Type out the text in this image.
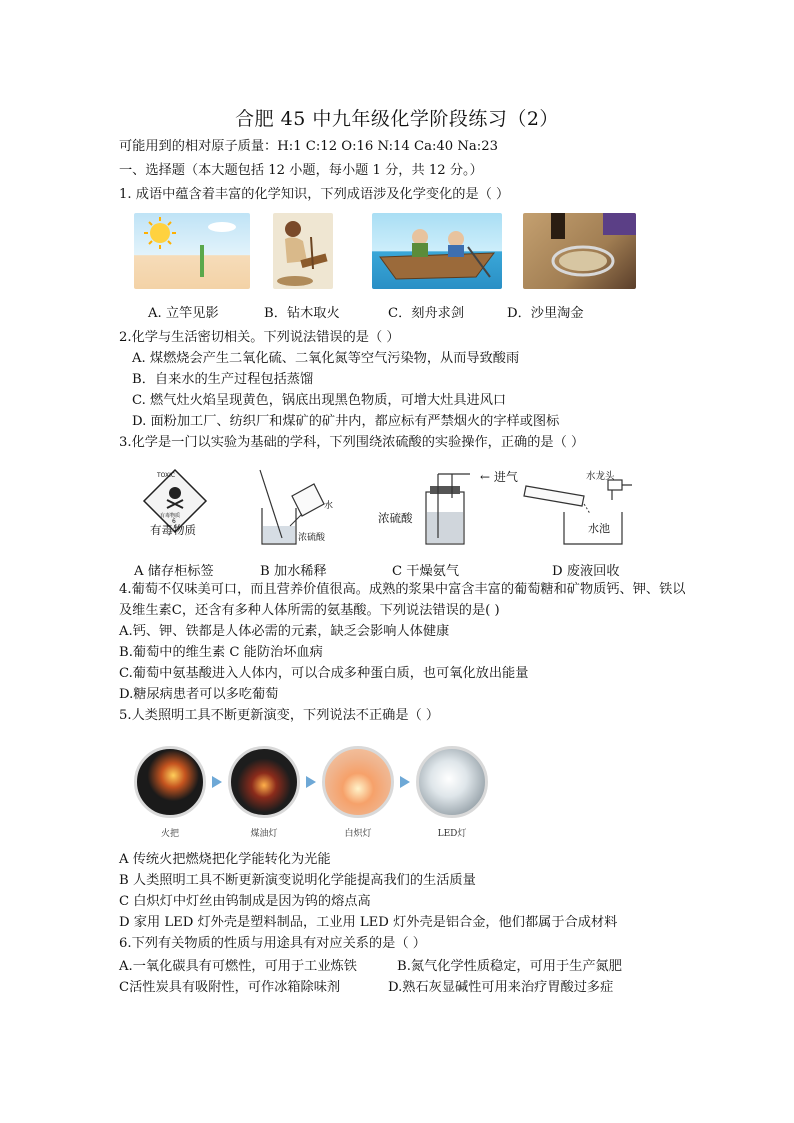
合肥 45 中九年级化学阶段练习（2）
可能用到的相对原子质量：H:1 C:12 O:16 N:14 Ca:40 Na:23
一、选择题（本大题包括 12 小题，每小题 1 分，共 12 分。）
1. 成语中蕴含着丰富的化学知识，下列成语涉及化学变化的是（ ）
A. 立竿见影	B．钻木取火	C．刻舟求剑	D．沙里淘金
2.化学与生活密切相关。下列说法错误的是（ ）
A. 煤燃烧会产生二氧化硫、二氧化氮等空气污染物，从而导致酸雨
B．自来水的生产过程包括蒸馏
C. 燃气灶火焰呈现黄色，锅底出现黑色物质，可增大灶具进风口
D. 面粉加工厂、纺织厂和煤矿的矿井内，都应标有严禁烟火的字样或图标
3.化学是一门以实验为基础的学科，下列围绕浓硫酸的实验操作，正确的是（ ）
TOXIC
有毒物质
6
有毒物质
水
浓硫酸
← 进气
浓硫酸
水龙头
水池
A 储存柜标签	B 加水稀释	C 干燥氨气	D 废液回收
4.葡萄不仅味美可口，而且营养价值很高。成熟的浆果中富含丰富的葡萄糖和矿物质钙、钾、铁以
及维生素C，还含有多种人体所需的氨基酸。下列说法错误的是( )
A.钙、钾、铁都是人体必需的元素，缺乏会影响人体健康
B.葡萄中的维生素 C 能防治坏血病
C.葡萄中氨基酸进入人体内，可以合成多种蛋白质，也可氧化放出能量
D.糖尿病患者可以多吃葡萄
5.人类照明工具不断更新演变，下列说法不正确是（ ）
火把	煤油灯	白炽灯	LED灯
A 传统火把燃烧把化学能转化为光能
B 人类照明工具不断更新演变说明化学能提高我们的生活质量
C 白炽灯中灯丝由钨制成是因为钨的熔点高
D 家用 LED 灯外壳是塑料制品，工业用 LED 灯外壳是铝合金，他们都属于合成材料
6.下列有关物质的性质与用途具有对应关系的是（ ）
A.一氧化碳具有可燃性，可用于工业炼铁	B.氮气化学性质稳定，可用于生产氮肥
C活性炭具有吸附性，可作冰箱除味剂	D.熟石灰显碱性可用来治疗胃酸过多症
